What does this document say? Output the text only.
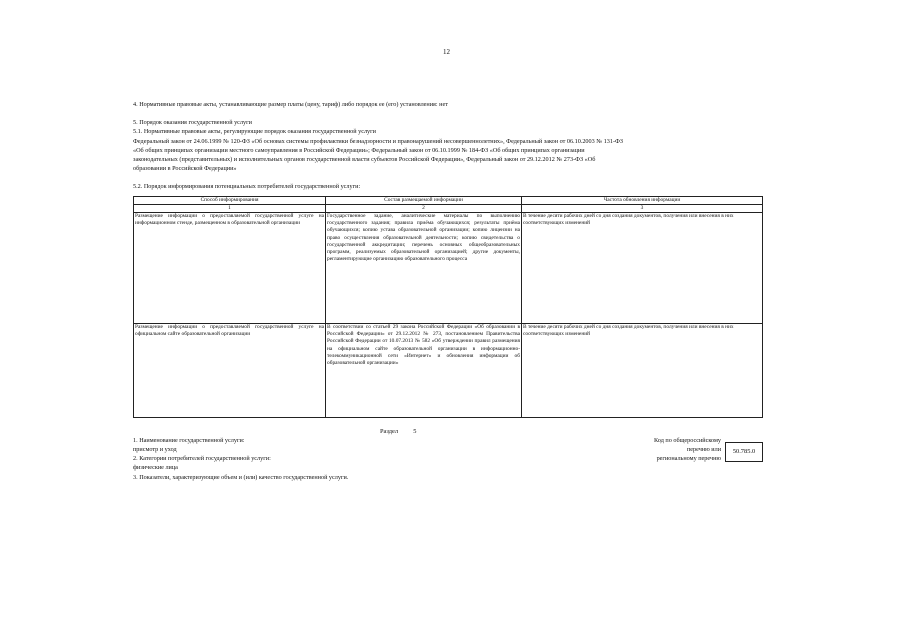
12
4. Нормативные правовые акты, устанавливающие размер платы (цену, тариф) либо порядок ее (его) установления: нет
5. Порядок оказания государственной услуги
5.1. Нормативные правовые акты, регулирующие порядок оказания государственной услуги
Федеральный закон от 24.06.1999 № 120-ФЗ «Об основах системы профилактики безнадзорности и правонарушений несовершеннолетних», Федеральный закон от 06.10.2003 № 131-ФЗ
«Об общих принципах организации местного самоуправления в Российской Федерации»; Федеральный закон от 06.10.1999 № 184-ФЗ «Об общих принципах организации
законодательных (представительных) и исполнительных органов государственной власти субъектов Российской Федерации», Федеральный закон от 29.12.2012 № 273-ФЗ «Об
образовании в Российской Федерации»
5.2. Порядок информирования потенциальных потребителей государственной услуги:
Способ информирования	Состав размещаемой информации	Частота обновления информации
1	2	3
Размещение информации о предоставляемой государственной услуге на информационном стенде, размещенном в образовательной организации	Государственное задание, аналитические материалы по выполнению государственного задания; правила приёма обучающихся; результаты приёма обучающихся; копию устава образовательной организации; копию лицензии на право осуществления образовательной деятельности; копию свидетельства о государственной аккредитации; перечень основных общеобразовательных программ, реализуемых образовательной организацией; другие документы, регламентирующие организацию образовательного процесса	В течение десяти рабочих дней со дня создания документов, получения или внесения в них соответствующих изменений
Размещение информации о предоставляемой государственной услуге на официальном сайте образовательной организации	В соответствии со статьей 29 закона Российской Федерации «Об образовании в Российской Федерации» от 29.12.2012 № 273, постановлением Правительства Российской Федерации от 10.07.2013 № 582 «Об утверждении правил размещения на официальном сайте образовательной организации в информационно-телекоммуникационной сети «Интернет» и обновления информации об образовательной организации»	В течение десяти рабочих дней со дня создания документов, получения или внесения в них соответствующих изменений
Раздел 5
1. Наименование государственной услуги:
присмотр и уход
2. Категории потребителей государственной услуги:
физические лица
3. Показатели, характеризующие объем и (или) качество государственной услуги.
Код по общероссийскому
перечню или
региональному перечню
50.785.0
